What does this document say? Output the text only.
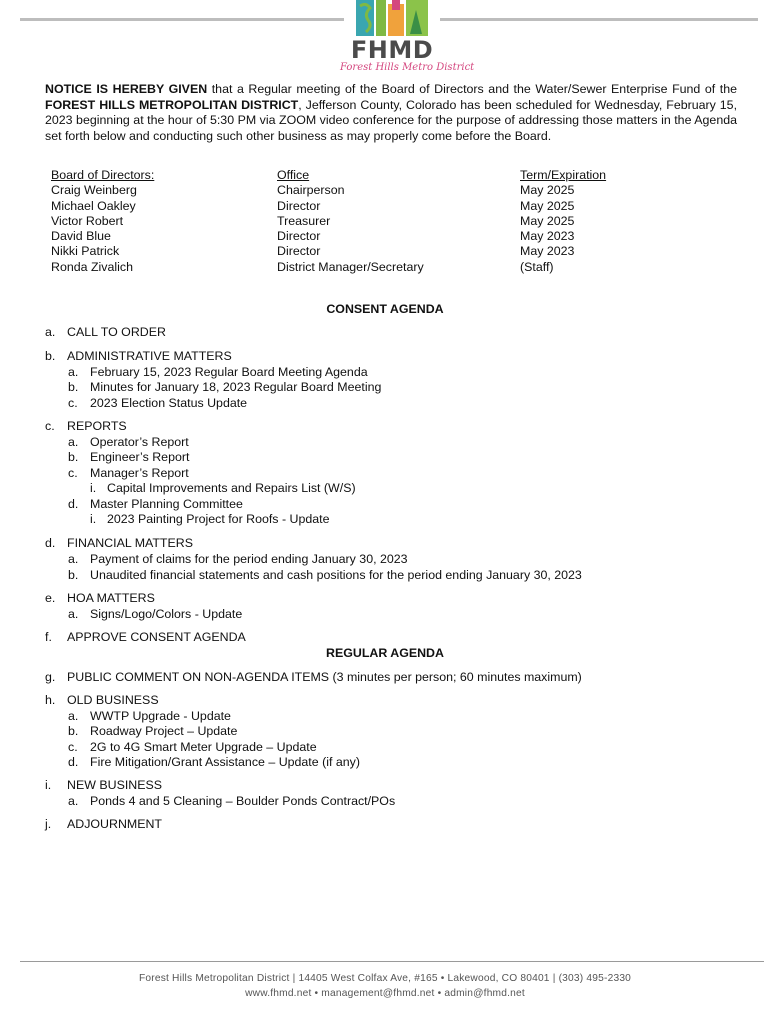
FHMD
Forest Hills Metro District
NOTICE IS HEREBY GIVEN that a Regular meeting of the Board of Directors and the Water/Sewer Enterprise Fund of the FOREST HILLS METROPOLITAN DISTRICT, Jefferson County, Colorado has been scheduled for Wednesday, February 15, 2023 beginning at the hour of 5:30 PM via ZOOM video conference for the purpose of addressing those matters in the Agenda set forth below and conducting such other business as may properly come before the Board.
Board of Directors:
Craig Weinberg
Michael Oakley
Victor Robert
David Blue
Nikki Patrick
Ronda Zivalich
Office
Chairperson
Director
Treasurer
Director
Director
District Manager/Secretary
Term/Expiration
May 2025
May 2025
May 2025
May 2023
May 2023
(Staff)
CONSENT AGENDA
a. CALL TO ORDER
b. ADMINISTRATIVE MATTERS
a. February 15, 2023 Regular Board Meeting Agenda
b. Minutes for January 18, 2023 Regular Board Meeting
c. 2023 Election Status Update
c. REPORTS
a. Operator’s Report
b. Engineer’s Report
c. Manager’s Report
i. Capital Improvements and Repairs List (W/S)
d. Master Planning Committee
i. 2023 Painting Project for Roofs - Update
d. FINANCIAL MATTERS
a. Payment of claims for the period ending January 30, 2023
b. Unaudited financial statements and cash positions for the period ending January 30, 2023
e. HOA MATTERS
a. Signs/Logo/Colors - Update
f. APPROVE CONSENT AGENDA
REGULAR AGENDA
g. PUBLIC COMMENT ON NON-AGENDA ITEMS (3 minutes per person; 60 minutes maximum)
h. OLD BUSINESS
a. WWTP Upgrade - Update
b. Roadway Project – Update
c. 2G to 4G Smart Meter Upgrade – Update
d. Fire Mitigation/Grant Assistance – Update (if any)
i. NEW BUSINESS
a. Ponds 4 and 5 Cleaning – Boulder Ponds Contract/POs
j. ADJOURNMENT
Forest Hills Metropolitan District | 14405 West Colfax Ave, #165 • Lakewood, CO 80401 | (303) 495-2330
www.fhmd.net • management@fhmd.net • admin@fhmd.net
